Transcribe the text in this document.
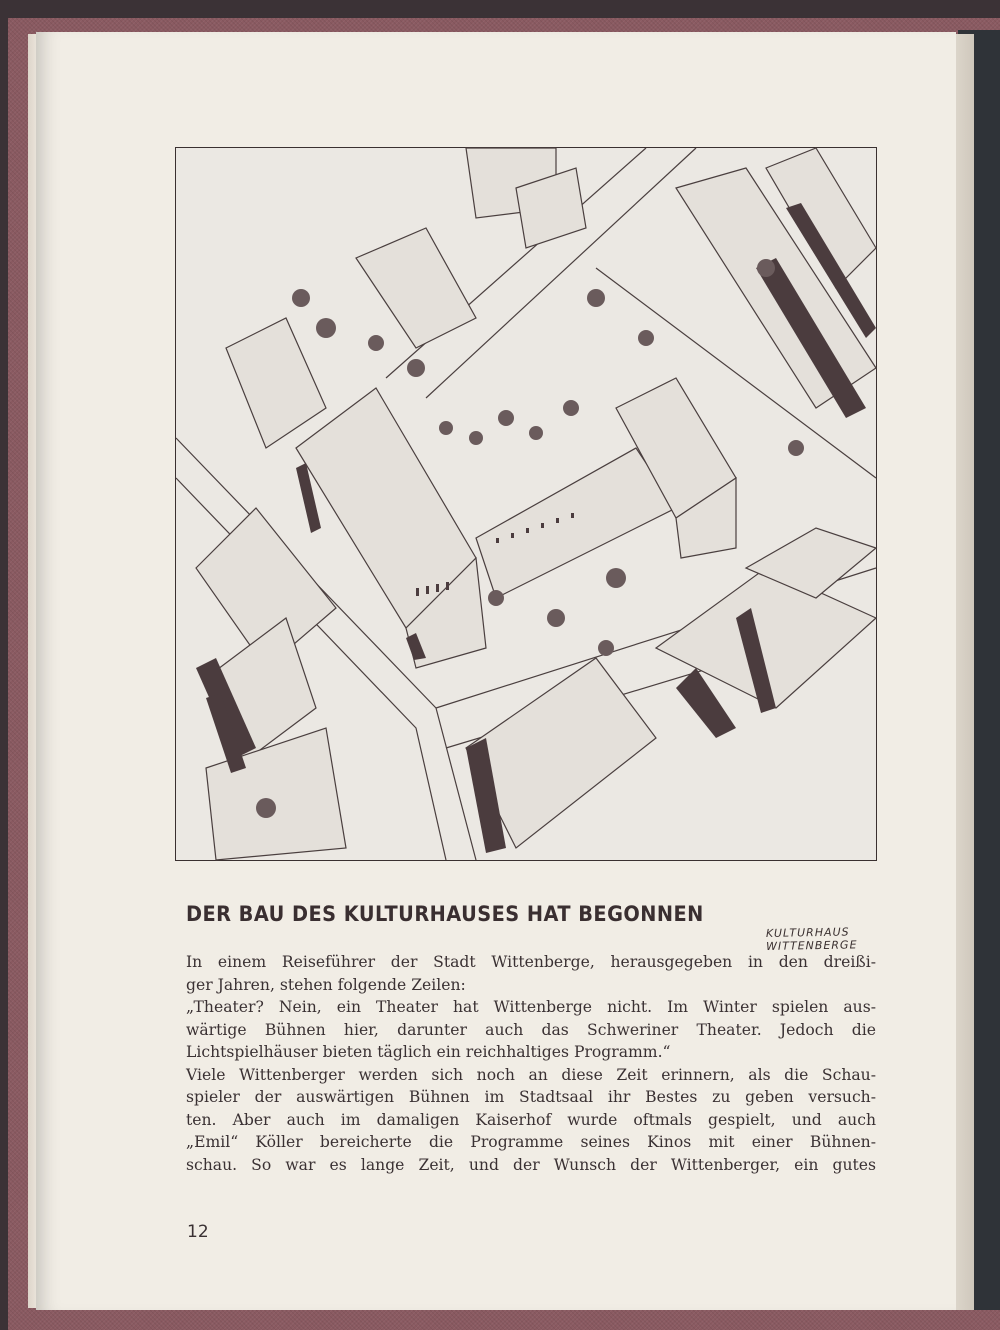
KULTURHAUS WITTENBERGE
DER BAU DES KULTURHAUSES HAT BEGONNEN
In einem Reiseführer der Stadt Wittenberge, herausgegeben in den dreißi-
ger Jahren, stehen folgende Zeilen:
„Theater? Nein, ein Theater hat Wittenberge nicht. Im Winter spielen aus-
wärtige Bühnen hier, darunter auch das Schweriner Theater. Jedoch die
Lichtspielhäuser bieten täglich ein reichhaltiges Programm.“
Viele Wittenberger werden sich noch an diese Zeit erinnern, als die Schau-
spieler der auswärtigen Bühnen im Stadtsaal ihr Bestes zu geben versuch-
ten. Aber auch im damaligen Kaiserhof wurde oftmals gespielt, und auch
„Emil“ Köller bereicherte die Programme seines Kinos mit einer Bühnen-
schau. So war es lange Zeit, und der Wunsch der Wittenberger, ein gutes
12
